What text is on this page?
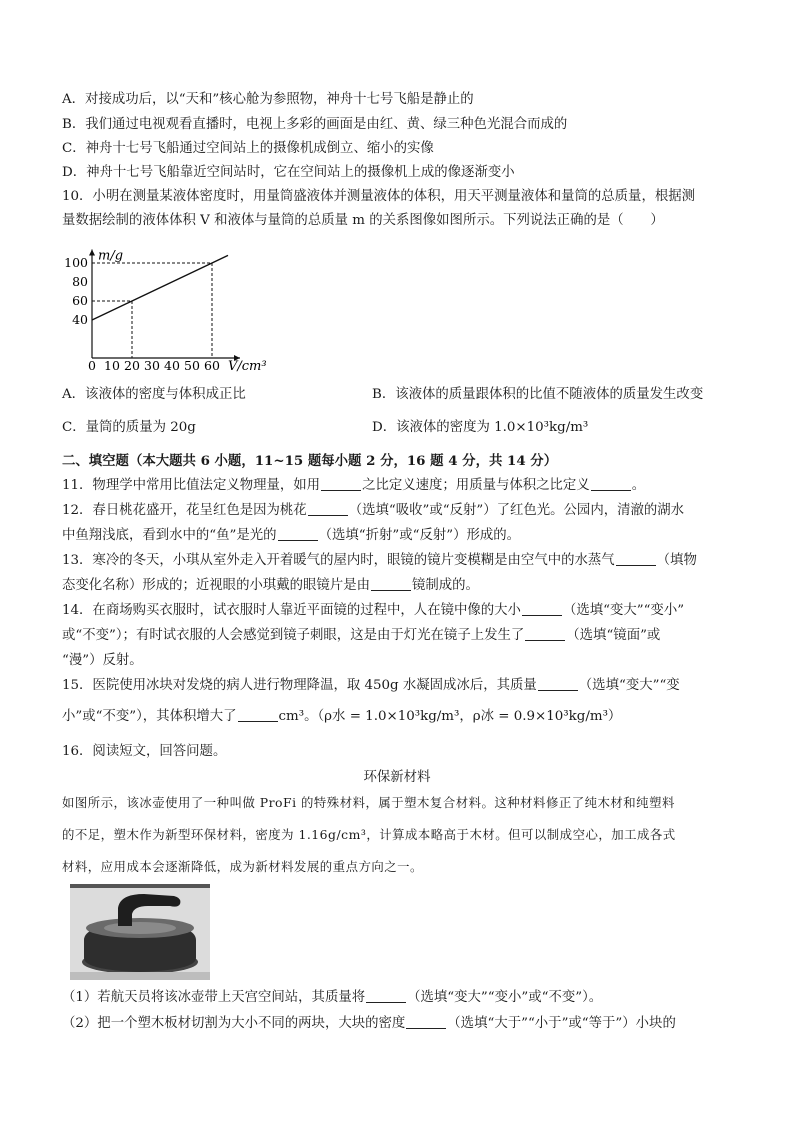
A．对接成功后，以“天和”核心舱为参照物，神舟十七号飞船是静止的
B．我们通过电视观看直播时，电视上多彩的画面是由红、黄、绿三种色光混合而成的
C．神舟十七号飞船通过空间站上的摄像机成倒立、缩小的实像
D．神舟十七号飞船靠近空间站时，它在空间站上的摄像机上成的像逐渐变小
10．小明在测量某液体密度时，用量筒盛液体并测量液体的体积，用天平测量液体和量筒的总质量，根据测
量数据绘制的液体体积 V 和液体与量筒的总质量 m 的关系图像如图所示。下列说法正确的是（　　）
m/g
V/cm³
0 10 20 30 40 50 60
40
60
80
100
A．该液体的密度与体积成正比	B．该液体的质量跟体积的比值不随液体的质量发生改变
C．量筒的质量为 20g	D．该液体的密度为 1.0×10³kg/m³
二、填空题（本大题共 6 小题，11~15 题每小题 2 分，16 题 4 分，共 14 分）
11．物理学中常用比值法定义物理量，如用	之比定义速度；用质量与体积之比定义	。
12．春日桃花盛开，花呈红色是因为桃花	（选填“吸收”或“反射”）了红色光。公园内，清澈的湖水
中鱼翔浅底，看到水中的“鱼”是光的	（选填“折射”或“反射”）形成的。
13．寒冷的冬天，小琪从室外走入开着暖气的屋内时，眼镜的镜片变模糊是由空气中的水蒸气	（填物
态变化名称）形成的；近视眼的小琪戴的眼镜片是由	镜制成的。
14．在商场购买衣服时，试衣服时人靠近平面镜的过程中，人在镜中像的大小	（选填“变大”“变小”
或“不变”）；有时试衣服的人会感觉到镜子刺眼，这是由于灯光在镜子上发生了	（选填“镜面”或
“漫”）反射。
15．医院使用冰块对发烧的病人进行物理降温，取 450g 水凝固成冰后，其质量	（选填“变大”“变
小”或“不变”），其体积增大了	cm³。（ρ水 = 1.0×10³kg/m³，ρ冰 = 0.9×10³kg/m³）
16．阅读短文，回答问题。
环保新材料
如图所示，该冰壶使用了一种叫做 ProFi 的特殊材料，属于塑木复合材料。这种材料修正了纯木材和纯塑料
的不足，塑木作为新型环保材料，密度为 1.16g/cm³，计算成本略高于木材。但可以制成空心，加工成各式
材料，应用成本会逐渐降低，成为新材料发展的重点方向之一。
（1）若航天员将该冰壶带上天宫空间站，其质量将	（选填“变大”“变小”或“不变”）。
（2）把一个塑木板材切割为大小不同的两块，大块的密度	（选填“大于”“小于”或“等于”）小块的
